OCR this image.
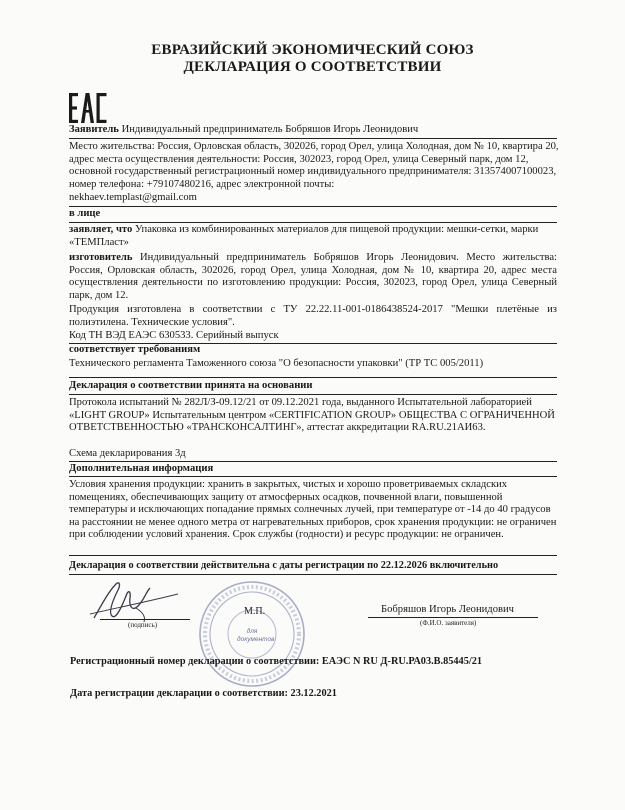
ЕВРАЗИЙСКИЙ ЭКОНОМИЧЕСКИЙ СОЮЗ
ДЕКЛАРАЦИЯ О СООТВЕТСТВИИ
Заявитель Индивидуальный предприниматель Бобряшов Игорь Леонидович
Место жительства: Россия, Орловская область, 302026, город Орел, улица Холодная, дом № 10, квартира 20, адрес места осуществления деятельности: Россия, 302023, город Орел, улица Северный парк, дом 12, основной государственный регистрационный номер индивидуального предпринимателя: 313574007100023, номер телефона: +79107480216, адрес электронной почты:
nekhaev.templast@gmail.com
в лице
заявляет, что Упаковка из комбинированных материалов для пищевой продукции: мешки-сетки, марки «ТЕМПласт»
изготовитель Индивидуальный предприниматель Бобряшов Игорь Леонидович. Место жительства: Россия, Орловская область, 302026, город Орел, улица Холодная, дом № 10, квартира 20, адрес места осуществления деятельности по изготовлению продукции: Россия, 302023, город Орел, улица Северный парк, дом 12.
Продукция изготовлена в соответствии с ТУ 22.22.11-001-0186438524-2017 "Мешки плетёные из полиэтилена. Технические условия".
Код ТН ВЭД ЕАЭС 630533. Серийный выпуск
соответствует требованиям
Технического регламента Таможенного союза "О безопасности упаковки" (ТР ТС 005/2011)
Декларация о соответствии принята на основании
Протокола испытаний № 282Л/З-09.12/21 от 09.12.2021 года, выданного Испытательной лабораторией «LIGHT GROUP» Испытательным центром «CERTIFICATION GROUP» ОБЩЕСТВА С ОГРАНИЧЕННОЙ ОТВЕТСТВЕННОСТЬЮ «ТРАНСКОНСАЛТИНГ», аттестат аккредитации RA.RU.21АИ63.
Схема декларирования 3д
Дополнительная информация
Условия хранения продукции: хранить в закрытых, чистых и хорошо проветриваемых складских помещениях, обеспечивающих защиту от атмосферных осадков, почвенной влаги, повышенной температуры и исключающих попадание прямых солнечных лучей, при температуре от -14 до 40 градусов на расстоянии не менее одного метра от нагревательных приборов, срок хранения продукции: не ограничен при соблюдении условий хранения. Срок службы (годности) и ресурс продукции: не ограничен.
Декларация о соответствии действительна с даты регистрации по 22.12.2026 включительно
(подпись)
для
документов
М.П.	Бобряшов Игорь Леонидович
(Ф.И.О. заявителя)
Регистрационный номер декларации о соответствии: ЕАЭС N RU Д-RU.РА03.В.85445/21
Дата регистрации декларации о соответствии: 23.12.2021
